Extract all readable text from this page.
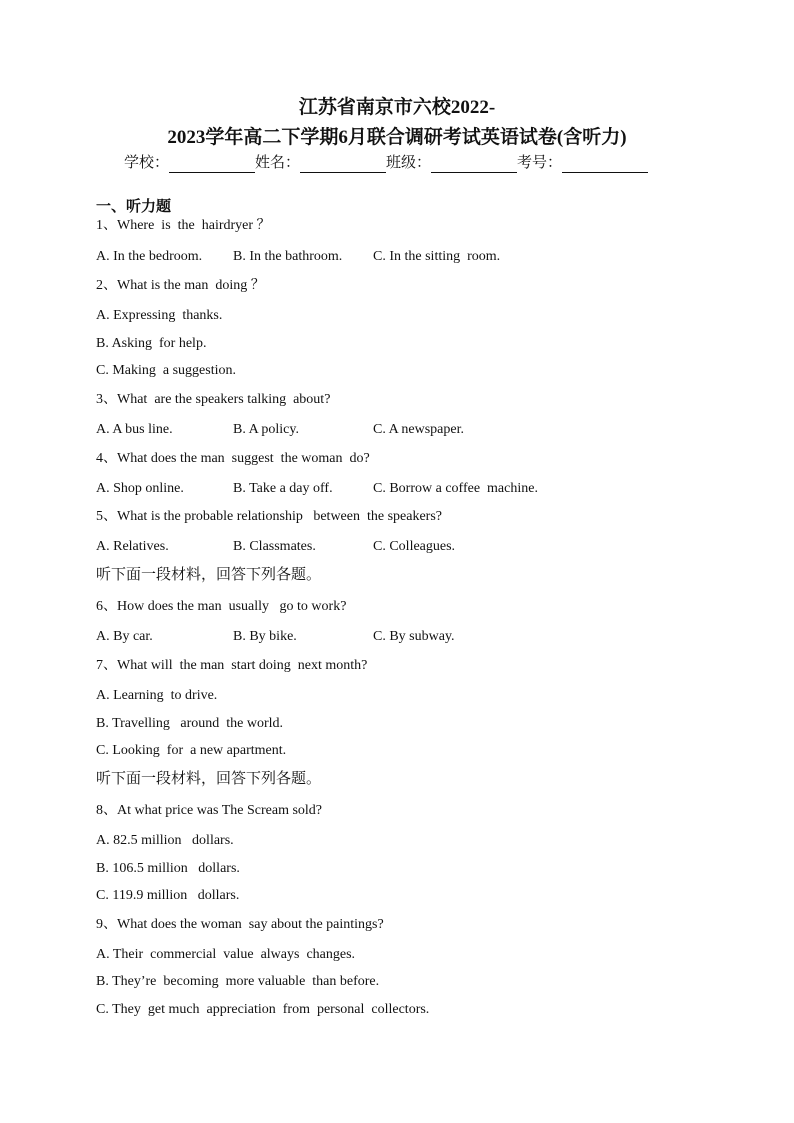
江苏省南京市六校2022-
2023学年高二下学期6月联合调研考试英语试卷(含听力)
学校：	姓名：	班级：	考号：
一、听力题
1、Where  is  the  hairdryer ？
A. In the bedroom. B. In the bathroom. C. In the sitting  room.
2、What is the man  doing ？
A. Expressing  thanks.
B. Asking  for help.
C. Making  a suggestion.
3、What  are the speakers talking  about?
A. A bus line.	B. A policy.	C. A newspaper.
4、What does the man  suggest  the woman  do?
A. Shop online.	B. Take a day off.	C. Borrow a coffee  machine.
5、What is the probable relationship   between  the speakers?
A. Relatives.	B. Classmates.	C. Colleagues.
听下面一段材料，回答下列各题。
6、How does the man  usually   go to work?
A. By car.	B. By bike.	C. By subway.
7、What will  the man  start doing  next month?
A. Learning  to drive.
B. Travelling   around  the world.
C. Looking  for  a new apartment.
听下面一段材料，回答下列各题。
8、At what price was The Scream sold?
A. 82.5 million   dollars.
B. 106.5 million   dollars.
C. 119.9 million   dollars.
9、What does the woman  say about the paintings?
A. Their  commercial  value  always  changes.
B. They’re  becoming  more valuable  than before.
C. They  get much  appreciation  from  personal  collectors.
